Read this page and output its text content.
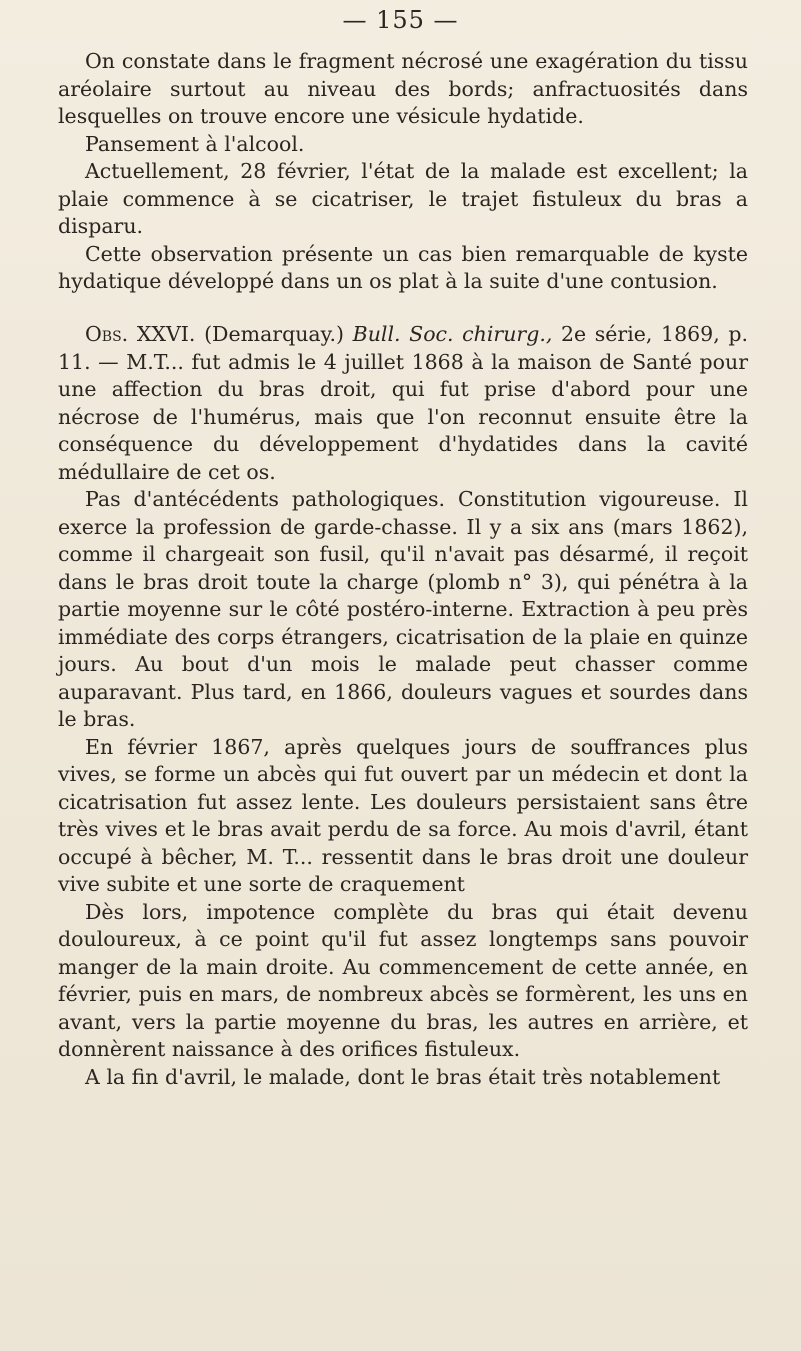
— 155 —

On constate dans le fragment nécrosé une exagération du tissu aréolaire surtout au niveau des bords; anfractuosités dans lesquelles on trouve encore une vésicule hydatide.

Pansement à l'alcool.

Actuellement, 28 février, l'état de la malade est excellent; la plaie commence à se cicatriser, le trajet fistuleux du bras a disparu.

Cette observation présente un cas bien remarquable de kyste hydatique développé dans un os plat à la suite d'une contusion.

Obs. XXVI. (Demarquay.) Bull. Soc. chirurg., 2e série, 1869, p. 11. — M.T... fut admis le 4 juillet 1868 à la maison de Santé pour une affection du bras droit, qui fut prise d'abord pour une nécrose de l'humérus, mais que l'on reconnut ensuite être la conséquence du développement d'hydatides dans la cavité médullaire de cet os.

Pas d'antécédents pathologiques. Constitution vigoureuse. Il exerce la profession de garde-chasse. Il y a six ans (mars 1862), comme il chargeait son fusil, qu'il n'avait pas désarmé, il reçoit dans le bras droit toute la charge (plomb n° 3), qui pénétra à la partie moyenne sur le côté postéro-interne. Extraction à peu près immédiate des corps étrangers, cicatrisation de la plaie en quinze jours. Au bout d'un mois le malade peut chasser comme auparavant. Plus tard, en 1866, douleurs vagues et sourdes dans le bras.

En février 1867, après quelques jours de souffrances plus vives, se forme un abcès qui fut ouvert par un médecin et dont la cicatrisation fut assez lente. Les douleurs persistaient sans être très vives et le bras avait perdu de sa force. Au mois d'avril, étant occupé à bêcher, M. T... ressentit dans le bras droit une douleur vive subite et une sorte de craquement

Dès lors, impotence complète du bras qui était devenu douloureux, à ce point qu'il fut assez longtemps sans pouvoir manger de la main droite. Au commencement de cette année, en février, puis en mars, de nombreux abcès se formèrent, les uns en avant, vers la partie moyenne du bras, les autres en arrière, et donnèrent naissance à des orifices fistuleux.

A la fin d'avril, le malade, dont le bras était très notablement
